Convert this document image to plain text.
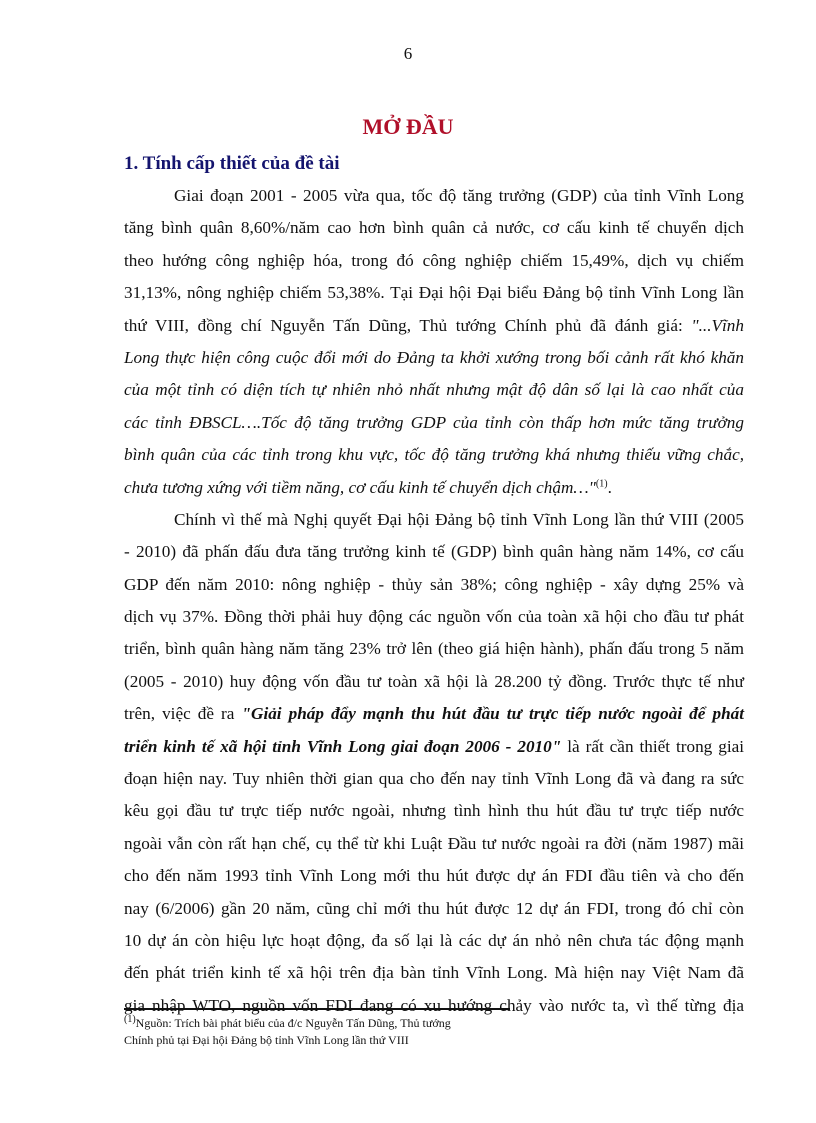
6
MỞ ĐẦU
1. Tính cấp thiết của đề tài
Giai đoạn 2001 - 2005 vừa qua, tốc độ tăng trưởng (GDP) của tỉnh Vĩnh Long
tăng bình quân 8,60%/năm cao hơn bình quân cả nước, cơ cấu kinh tế chuyển dịch
theo hướng công nghiệp hóa, trong đó công nghiệp chiếm 15,49%, dịch vụ chiếm
31,13%, nông nghiệp chiếm 53,38%. Tại Đại hội Đại biểu Đảng bộ tỉnh Vĩnh Long lần
thứ VIII, đồng chí Nguyễn Tấn Dũng, Thủ tướng Chính phủ đã đánh giá: "...Vĩnh
Long thực hiện công cuộc đổi mới do Đảng ta khởi xướng trong bối cảnh rất khó khăn
của một tỉnh có diện tích tự nhiên nhỏ nhất nhưng mật độ dân số lại là cao nhất của
các tỉnh ĐBSCL….Tốc độ tăng trưởng GDP của tỉnh còn thấp hơn mức tăng trưởng
bình quân của các tỉnh trong khu vực, tốc độ tăng trưởng khá nhưng thiếu vững chắc,
chưa tương xứng với tiềm năng, cơ cấu kinh tế chuyển dịch chậm…"$^{(1)}$.
Chính vì thế mà Nghị quyết Đại hội Đảng bộ tỉnh Vĩnh Long lần thứ VIII (2005
- 2010) đã phấn đấu đưa tăng trưởng kinh tế (GDP) bình quân hàng năm 14%, cơ cấu
GDP đến năm 2010: nông nghiệp - thủy sản 38%; công nghiệp - xây dựng 25% và
dịch vụ 37%. Đồng thời phải huy động các nguồn vốn của toàn xã hội cho đầu tư phát
triển, bình quân hàng năm tăng 23% trở lên (theo giá hiện hành), phấn đấu trong 5 năm
(2005 - 2010) huy động vốn đầu tư toàn xã hội là 28.200 tỷ đồng. Trước thực tế như
trên, việc đề ra "Giải pháp đẩy mạnh thu hút đầu tư trực tiếp nước ngoài để phát
triển kinh tế xã hội tỉnh Vĩnh Long giai đoạn 2006 - 2010" là rất cần thiết trong giai
đoạn hiện nay. Tuy nhiên thời gian qua cho đến nay tỉnh Vĩnh Long đã và đang ra sức
kêu gọi đầu tư trực tiếp nước ngoài, nhưng tình hình thu hút đầu tư trực tiếp nước
ngoài vẫn còn rất hạn chế, cụ thể từ khi Luật Đầu tư nước ngoài ra đời (năm 1987) mãi
cho đến năm 1993 tỉnh Vĩnh Long mới thu hút được dự án FDI đầu tiên và cho đến
nay (6/2006) gần 20 năm, cũng chỉ mới thu hút được 12 dự án FDI, trong đó chỉ còn
10 dự án còn hiệu lực hoạt động, đa số lại là các dự án nhỏ nên chưa tác động mạnh
đến phát triển kinh tế xã hội trên địa bàn tỉnh Vĩnh Long. Mà hiện nay Việt Nam đã
gia nhập WTO, nguồn vốn FDI đang có xu hướng chảy vào nước ta, vì thế từng địa
$^{(1)}$Nguồn: Trích bài phát biểu của đ/c Nguyễn Tấn Dũng, Thủ tướng
Chính phủ tại Đại hội Đảng bộ tỉnh Vĩnh Long lần thứ VIII
